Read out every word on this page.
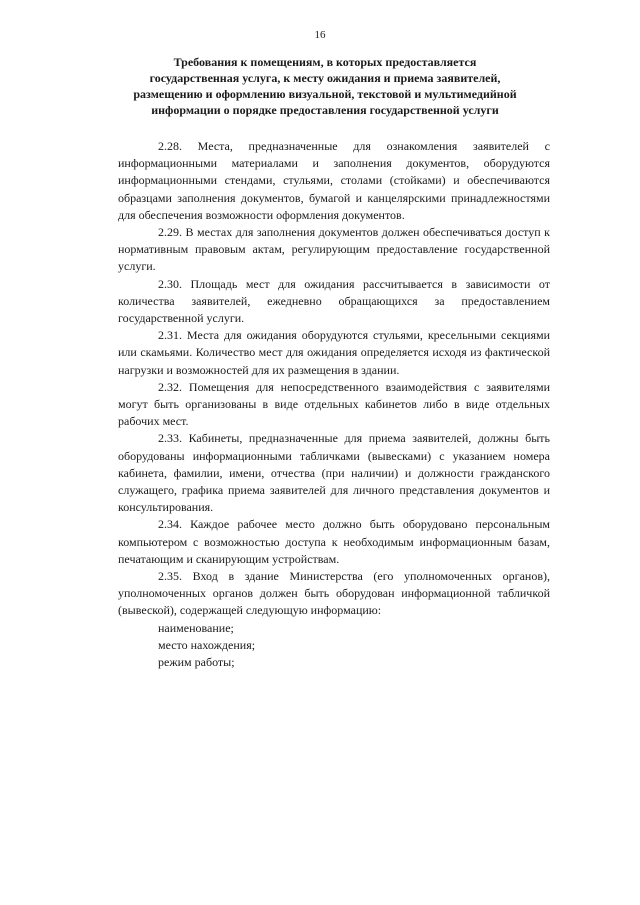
16
Требования к помещениям, в которых предоставляется
государственная услуга, к месту ожидания и приема заявителей,
размещению и оформлению визуальной, текстовой и мультимедийной
информации о порядке предоставления государственной услуги

2.28. Места, предназначенные для ознакомления заявителей с информационными материалами и заполнения документов, оборудуются информационными стендами, стульями, столами (стойками) и обеспечиваются образцами заполнения документов, бумагой и канцелярскими принадлежностями для обеспечения возможности оформления документов.

2.29. В местах для заполнения документов должен обеспечиваться доступ к нормативным правовым актам, регулирующим предоставление государственной услуги.

2.30. Площадь мест для ожидания рассчитывается в зависимости от количества заявителей, ежедневно обращающихся за предоставлением государственной услуги.

2.31. Места для ожидания оборудуются стульями, кресельными секциями или скамьями. Количество мест для ожидания определяется исходя из фактической нагрузки и возможностей для их размещения в здании.

2.32. Помещения для непосредственного взаимодействия с заявителями могут быть организованы в виде отдельных кабинетов либо в виде отдельных рабочих мест.

2.33. Кабинеты, предназначенные для приема заявителей, должны быть оборудованы информационными табличками (вывесками) с указанием номера кабинета, фамилии, имени, отчества (при наличии) и должности гражданского служащего, графика приема заявителей для личного представления документов и консультирования.

2.34. Каждое рабочее место должно быть оборудовано персональным компьютером с возможностью доступа к необходимым информационным базам, печатающим и сканирующим устройствам.

2.35. Вход в здание Министерства (его уполномоченных органов), уполномоченных органов должен быть оборудован информационной табличкой (вывеской), содержащей следующую информацию:

наименование;

место нахождения;

режим работы;
